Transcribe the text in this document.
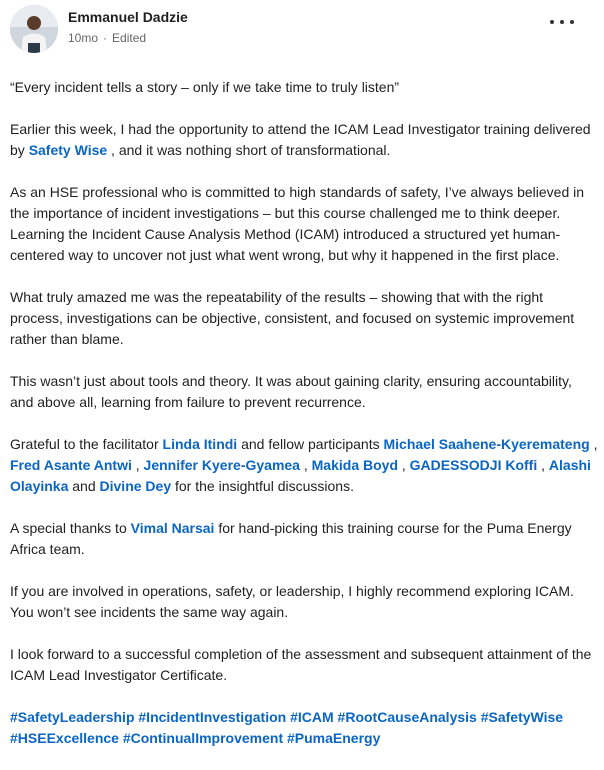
Emmanuel Dadzie
10mo · Edited

“Every incident tells a story – only if we take time to truly listen”

Earlier this week, I had the opportunity to attend the ICAM Lead Investigator training delivered by Safety Wise , and it was nothing short of transformational.

As an HSE professional who is committed to high standards of safety, I’ve always believed in the importance of incident investigations – but this course challenged me to think deeper. Learning the Incident Cause Analysis Method (ICAM) introduced a structured yet human-centered way to uncover not just what went wrong, but why it happened in the first place.

What truly amazed me was the repeatability of the results – showing that with the right process, investigations can be objective, consistent, and focused on systemic improvement rather than blame.

This wasn’t just about tools and theory. It was about gaining clarity, ensuring accountability, and above all, learning from failure to prevent recurrence.

Grateful to the facilitator Linda Itindi and fellow participants Michael Saahene-Kyeremateng , Fred Asante Antwi , Jennifer Kyere-Gyamea , Makida Boyd , GADESSODJI Koffi , Alashi Olayinka and Divine Dey for the insightful discussions.

A special thanks to Vimal Narsai for hand-picking this training course for the Puma Energy Africa team.

If you are involved in operations, safety, or leadership, I highly recommend exploring ICAM. You won’t see incidents the same way again.

I look forward to a successful completion of the assessment and subsequent attainment of the ICAM Lead Investigator Certificate.

#SafetyLeadership #IncidentInvestigation #ICAM #RootCauseAnalysis #SafetyWise #HSEExcellence #ContinualImprovement #PumaEnergy
